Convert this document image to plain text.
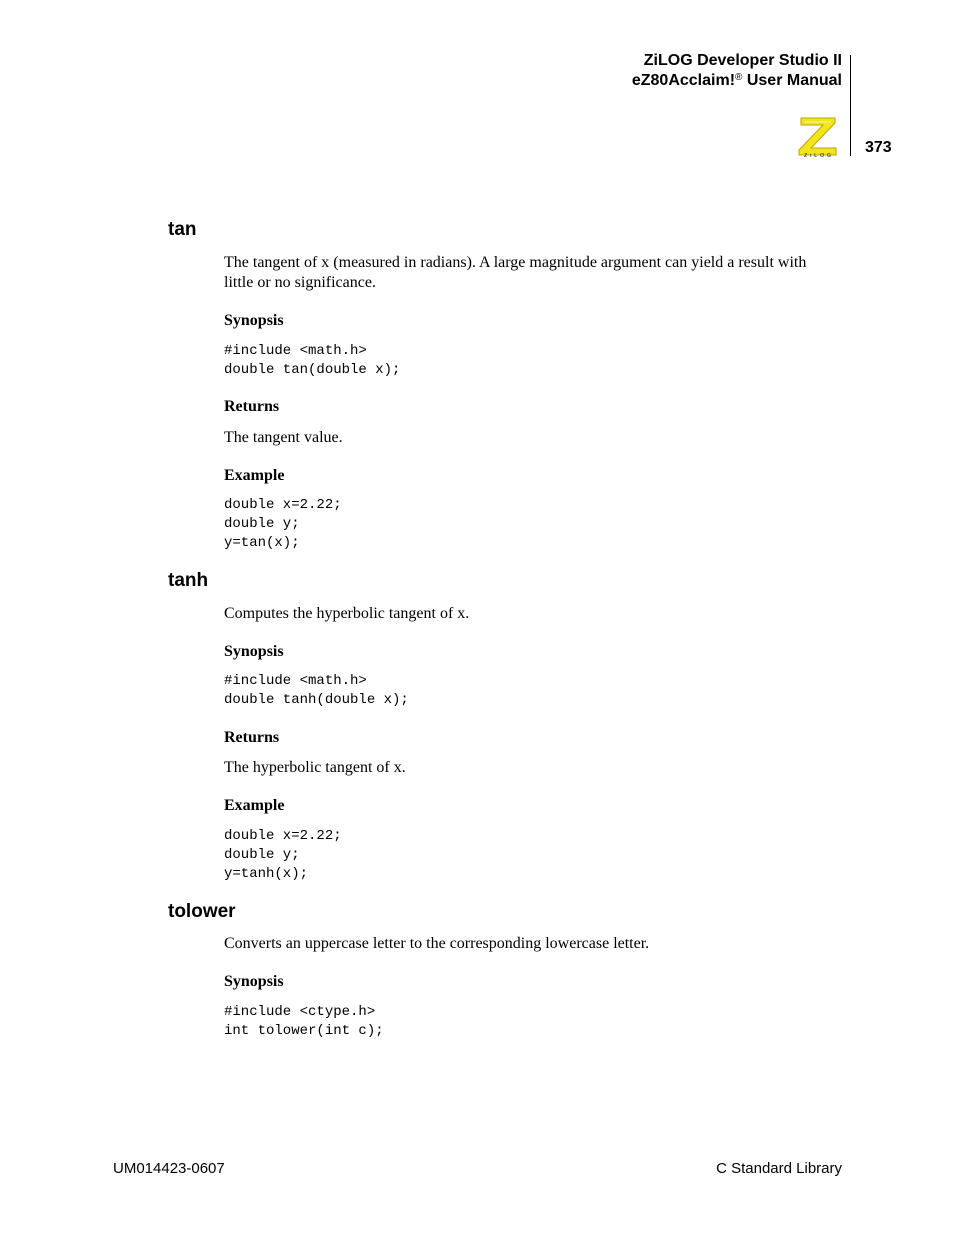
ZiLOG Developer Studio II
eZ80Acclaim!® User Manual
ZiLOG	373
tan
The tangent of x (measured in radians). A large magnitude argument can yield a result with little or no significance.
Synopsis
#include <math.h>
double tan(double x);
Returns
The tangent value.
Example
double x=2.22;
double y;
y=tan(x);
tanh
Computes the hyperbolic tangent of x.
Synopsis
#include <math.h>
double tanh(double x);
Returns
The hyperbolic tangent of x.
Example
double x=2.22;
double y;
y=tanh(x);
tolower
Converts an uppercase letter to the corresponding lowercase letter.
Synopsis
#include <ctype.h>
int tolower(int c);
UM014423-0607	C Standard Library
